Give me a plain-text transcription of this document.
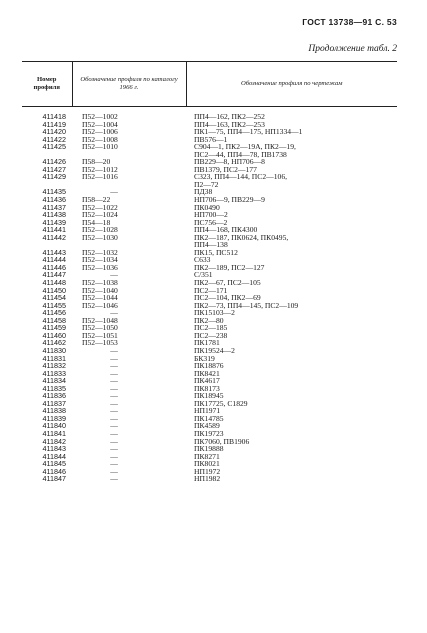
ГОСТ 13738—91 С. 53
Продолжение табл. 2
Номер профиля	Обозначение профиля по каталогу 1966 г.	Обозначение профиля по чертежам

411418	П52—1002	ПП4—162, ПК2—252
411419	П52—1004	ПП4—163, ПК2—253
411420	П52—1006	ПК1—75, ПП4—175, НП1334—1
411422	П52—1008	ПВ576—1
411425	П52—1010	С904—1, ПК2—19А, ПК2—19,
		ПС2—44, ПП4—78, ПВ1738
411426	П58—20	ПВ229—8, НП706—8
411427	П52—1012	ПВ1379, ПС2—177
411429	П52—1016	С323, ПП4—144, ПС2—106,
		П2—72
411435	—	ПД38
411436	П58—22	НП706—9, ПВ229—9
411437	П52—1022	ПК0490
411438	П52—1024	НП700—2
411439	П54—18	ПС756—2
411441	П52—1028	ПП4—168, ПК4300
411442	П52—1030	ПК2—187, ПК0624, ПК0495,
		ПП4—138
411443	П52—1032	ПК15, ПС512
411444	П52—1034	С633
411446	П52—1036	ПК2—189, ПС2—127
411447	—	С/351
411448	П52—1038	ПК2—67, ПС2—105
411450	П52—1040	ПС2—171
411454	П52—1044	ПС2—104, ПК2—69
411455	П52—1046	ПК2—73, ПП4—145, ПС2—109
411456	—	ПК15103—2
411458	П52—1048	ПК2—80
411459	П52—1050	ПС2—185
411460	П52—1051	ПС2—238
411462	П52—1053	ПК1781
411830	—	ПК19524—2
411831	—	БК319
411832	—	ПК18876
411833	—	ПК8421
411834	—	ПК4617
411835	—	ПК8173
411836	—	ПК18945
411837	—	ПК17725, С1829
411838	—	НП1971
411839	—	ПК14785
411840	—	ПК4589
411841	—	ПК19723
411842	—	ПК7060, ПВ1906
411843	—	ПК19888
411844	—	ПК8271
411845	—	ПК8021
411846	—	НП1972
411847	—	НП1982
